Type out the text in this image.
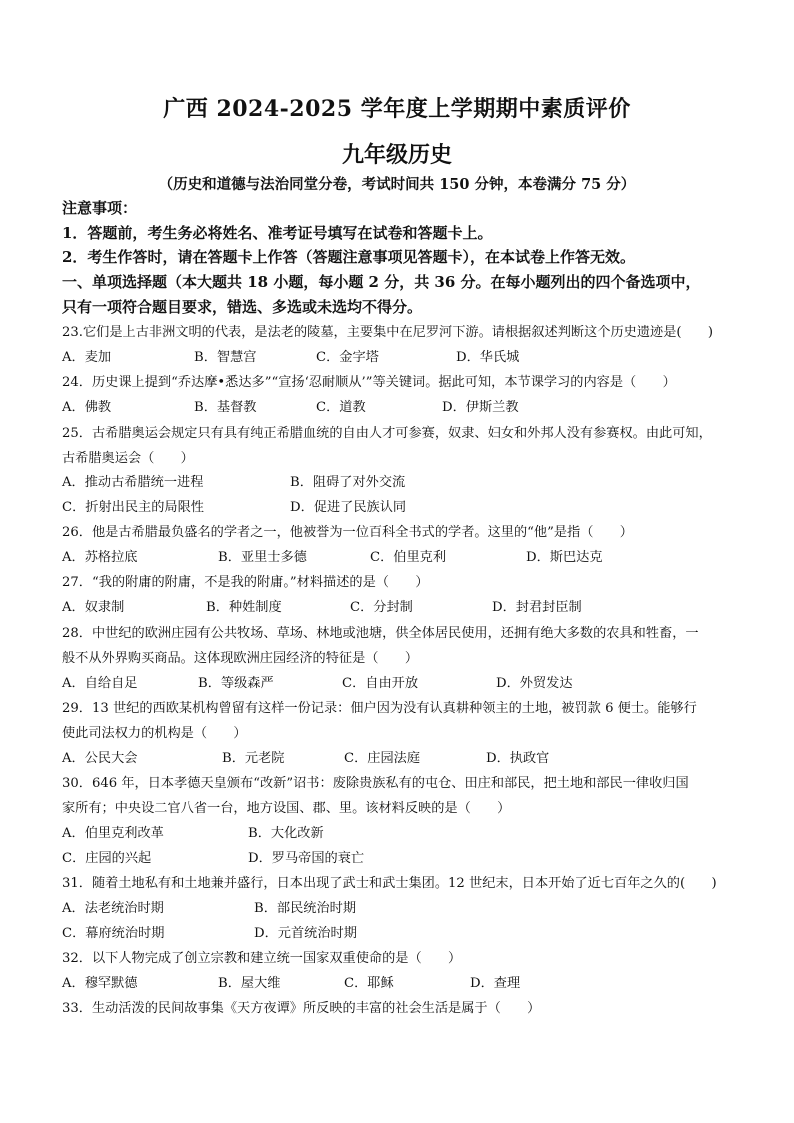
广西 2024-2025 学年度上学期期中素质评价
九年级历史
（历史和道德与法治同堂分卷，考试时间共 150 分钟，本卷满分 75 分）
注意事项：
1．答题前，考生务必将姓名、准考证号填写在试卷和答题卡上。
2．考生作答时，请在答题卡上作答（答题注意事项见答题卡），在本试卷上作答无效。
一、单项选择题（本大题共 18 小题，每小题 2 分，共 36 分。在每小题列出的四个备选项中，
只有一项符合题目要求，错选、多选或未选均不得分。
23.它们是上古非洲文明的代表，是法老的陵墓，主要集中在尼罗河下游。请根据叙述判断这个历史遗迹是(　　)
A．麦加	B．智慧宫	C．金字塔	D．华氏城
24．历史课上提到“乔达摩•悉达多”“宣扬‘忍耐顺从’”等关键词。据此可知，本节课学习的内容是（　　）
A．佛教	B．基督教	C．道教	D．伊斯兰教
25．古希腊奥运会规定只有具有纯正希腊血统的自由人才可参赛，奴隶、妇女和外邦人没有参赛权。由此可知，
古希腊奥运会（　　）
A．推动古希腊统一进程	B．阻碍了对外交流
C．折射出民主的局限性	D．促进了民族认同
26．他是古希腊最负盛名的学者之一，他被誉为一位百科全书式的学者。这里的“他”是指（　　）
A．苏格拉底	B．亚里士多德	C．伯里克利	D．斯巴达克
27．“我的附庸的附庸，不是我的附庸。”材料描述的是（　　）
A．奴隶制	B．种姓制度	C．分封制	D．封君封臣制
28．中世纪的欧洲庄园有公共牧场、草场、林地或池塘，供全体居民使用，还拥有绝大多数的农具和牲畜，一
般不从外界购买商品。这体现欧洲庄园经济的特征是（　　）
A．自给自足	B．等级森严	C．自由开放	D．外贸发达
29．13 世纪的西欧某机构曾留有这样一份记录：佃户因为没有认真耕种领主的土地，被罚款 6 便士。能够行
使此司法权力的机构是（　　）
A．公民大会	B．元老院	C．庄园法庭	D．执政官
30．646 年，日本孝德天皇颁布“改新”诏书：废除贵族私有的屯仓、田庄和部民，把土地和部民一律收归国
家所有；中央设二官八省一台，地方设国、郡、里。该材料反映的是（　　）
A．伯里克利改革	B．大化改新
C．庄园的兴起	D．罗马帝国的衰亡
31．随着土地私有和土地兼并盛行，日本出现了武士和武士集团。12 世纪末，日本开始了近七百年之久的(　　)
A．法老统治时期	B．部民统治时期
C．幕府统治时期	D．元首统治时期
32．以下人物完成了创立宗教和建立统一国家双重使命的是（　　）
A．穆罕默德	B．屋大维	C．耶稣	D．查理
33．生动活泼的民间故事集《天方夜谭》所反映的丰富的社会生活是属于（　　）
